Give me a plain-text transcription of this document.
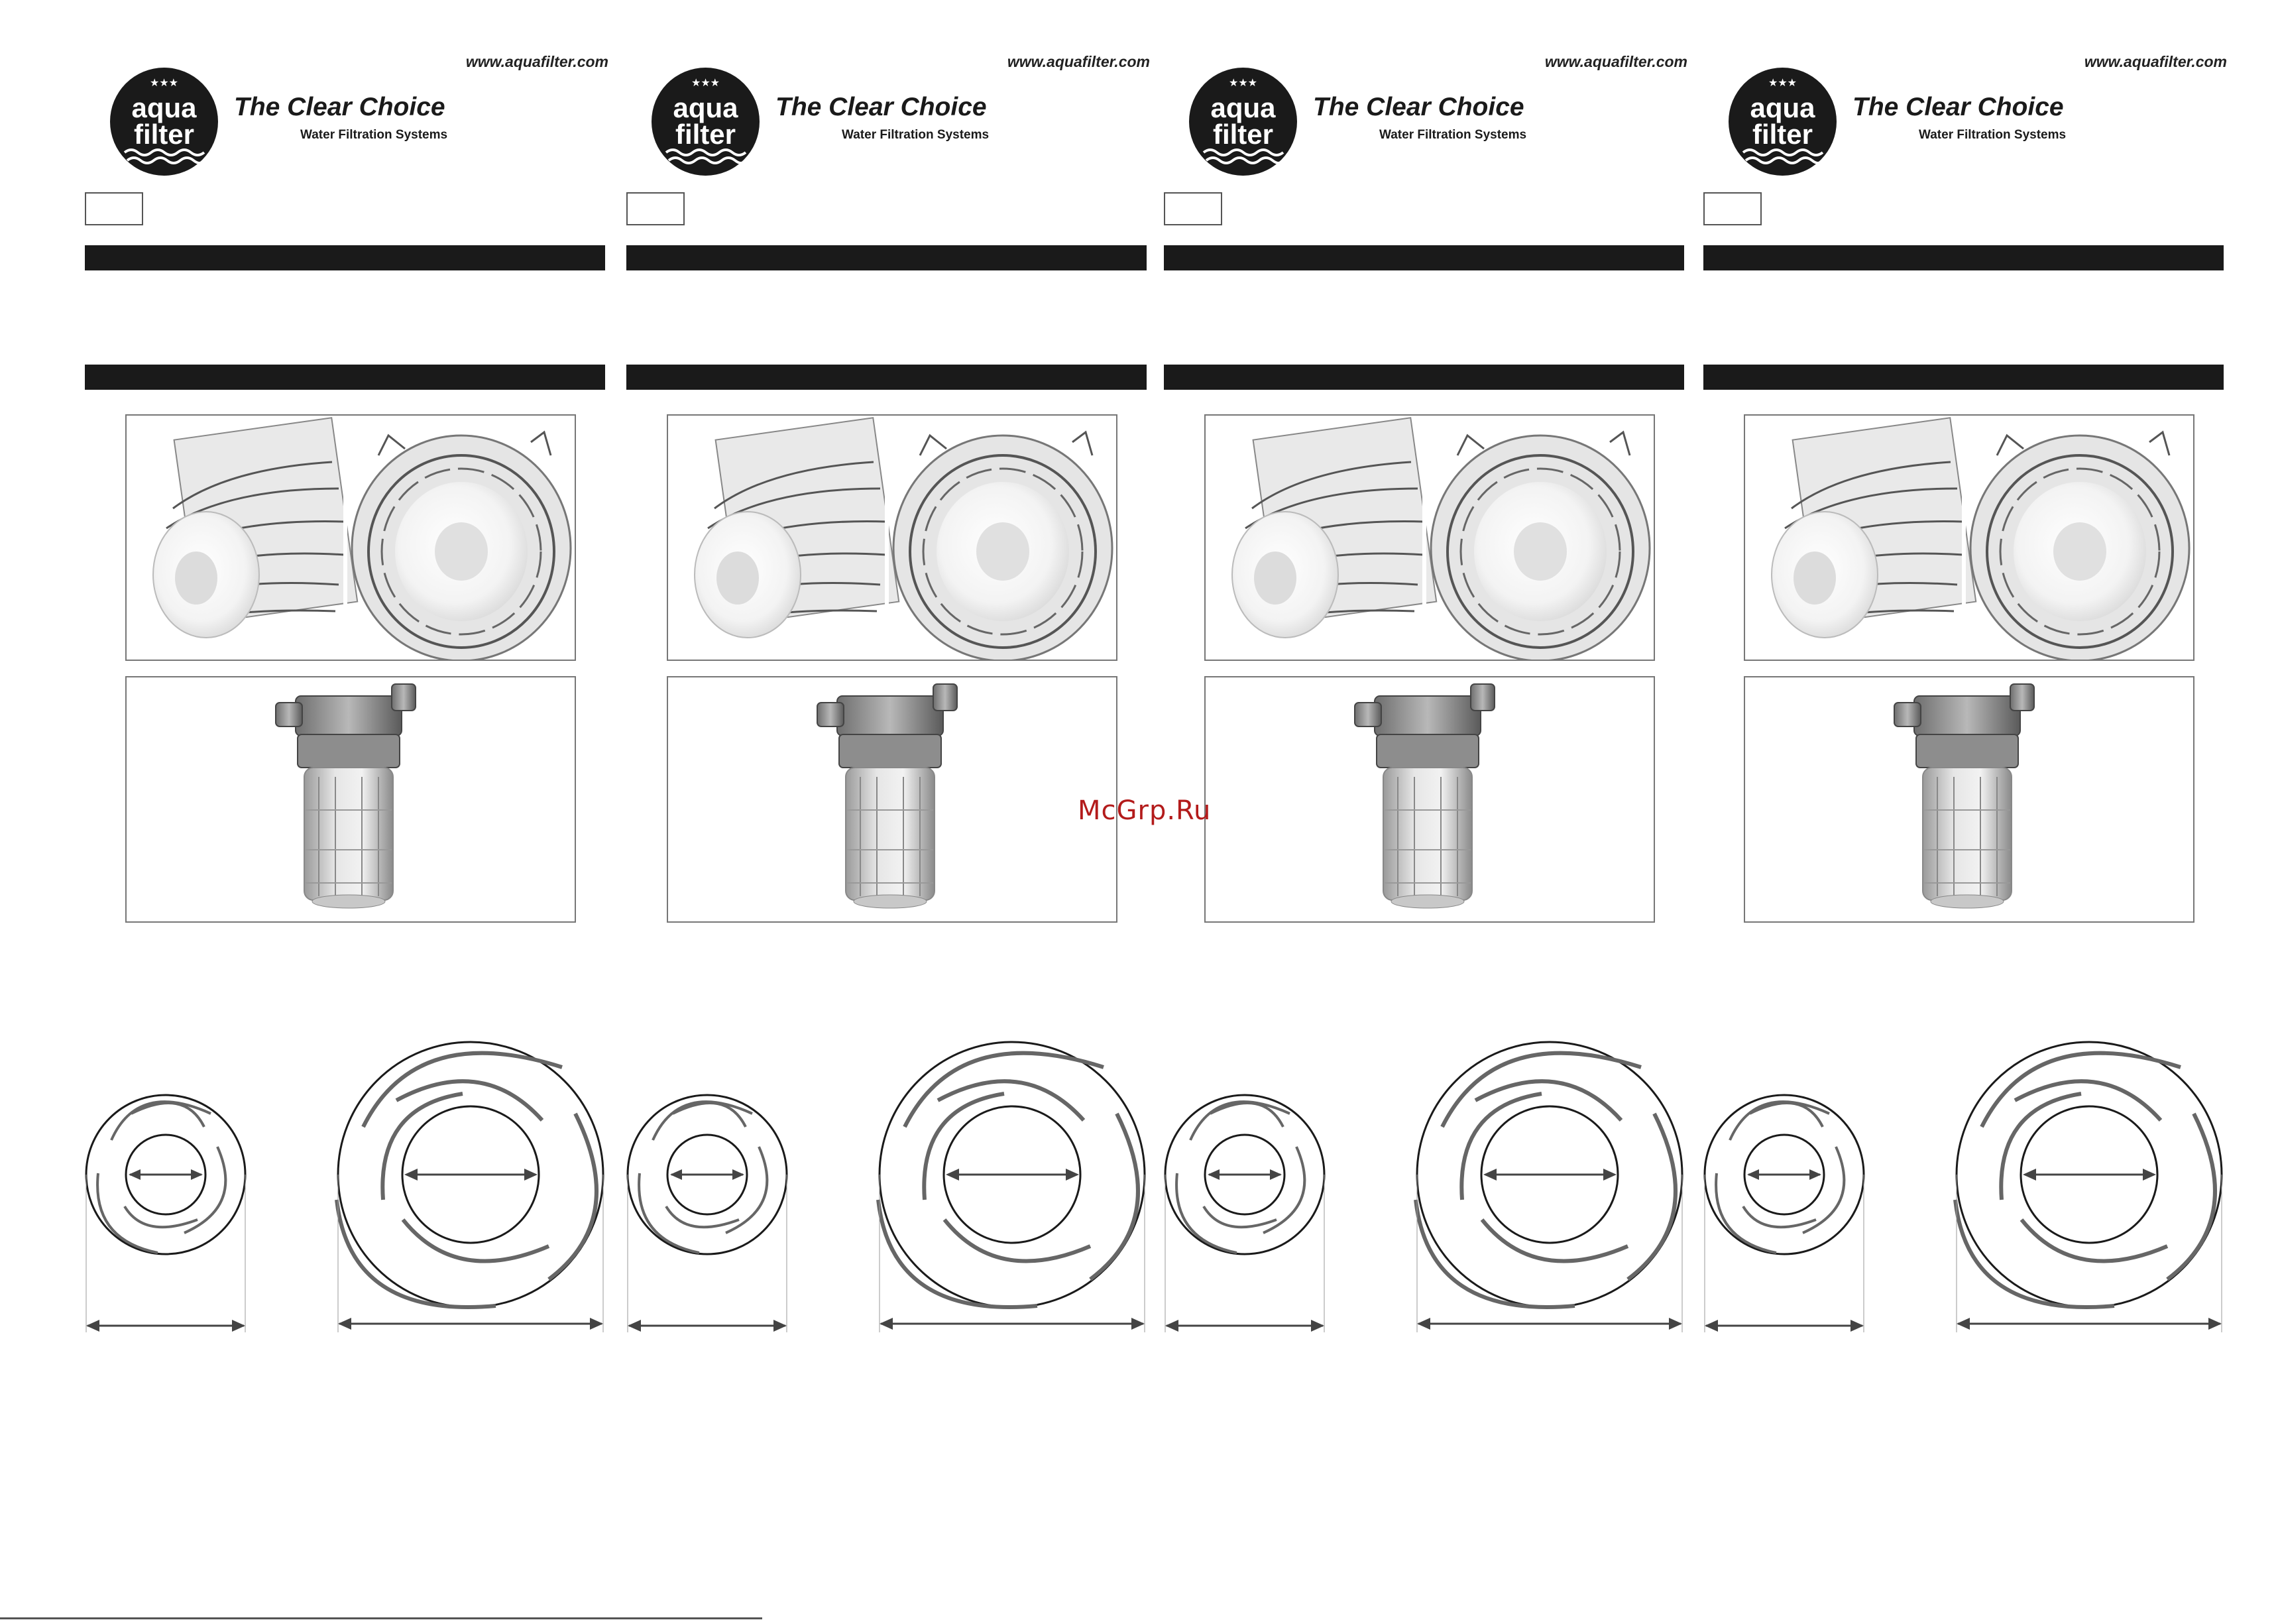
www.aquafilter.com
★★★
aqua
filter
The Clear Choice
Water Filtration Systems
www.aquafilter.com
★★★
aqua
filter
The Clear Choice
Water Filtration Systems
www.aquafilter.com
★★★
aqua
filter
The Clear Choice
Water Filtration Systems
www.aquafilter.com
★★★
aqua
filter
The Clear Choice
Water Filtration Systems
McGrp.Ru
